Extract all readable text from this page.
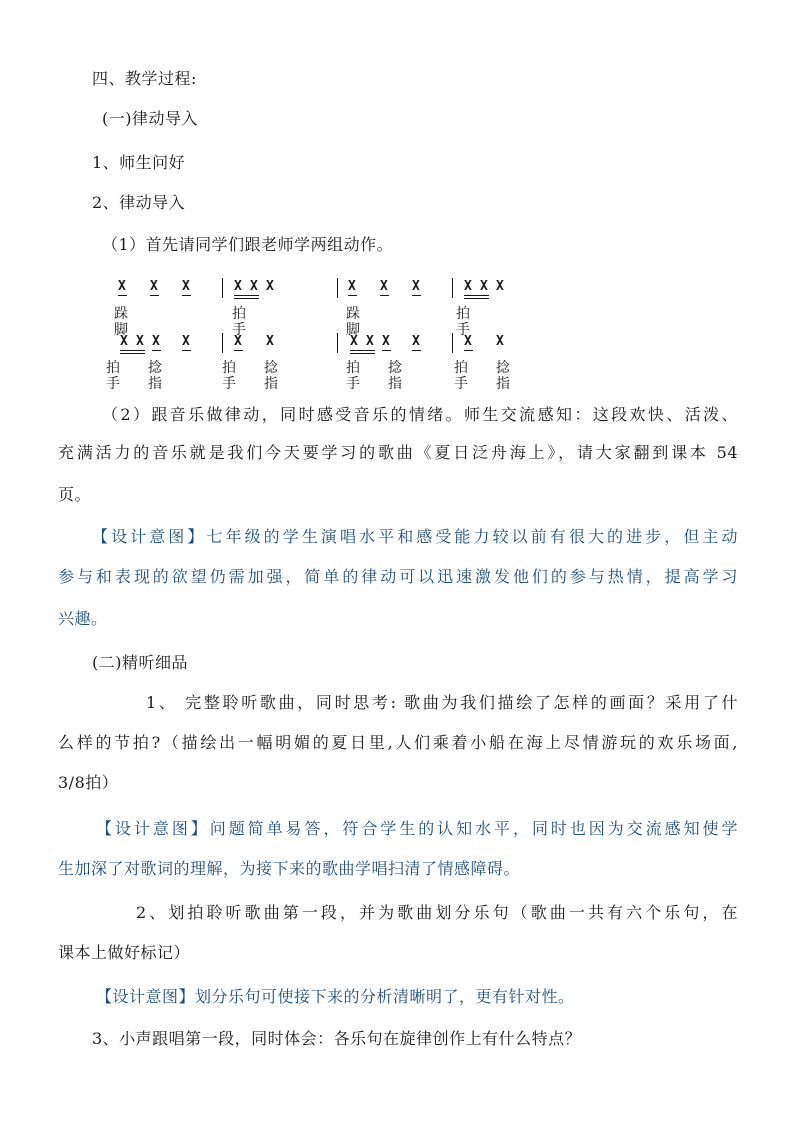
四、教学过程:
(一)律动导入
1、师生问好
2、律动导入
（1）首先请同学们跟老师学两组动作。
X X X	X X X	X X X	X X X
跺脚
拍手
跺脚
拍手
X X X X	X X	X X X X	X X
拍手
捻指
拍手
捻指
拍手
捻指
拍手
捻指
（2）跟音乐做律动，同时感受音乐的情绪。师生交流感知：这段欢快、活泼、
充满活力的音乐就是我们今天要学习的歌曲《夏日泛舟海上》，请大家翻到课本 54
页。
【设计意图】七年级的学生演唱水平和感受能力较以前有很大的进步，但主动
参与和表现的欲望仍需加强，简单的律动可以迅速激发他们的参与热情，提高学习
兴趣。
(二)精听细品
1、 完整聆听歌曲，同时思考: 歌曲为我们描绘了怎样的画面？采用了什
么样的节拍?（描绘出一幅明媚的夏日里,人们乘着小船在海上尽情游玩的欢乐场面,
3/8拍）
【设计意图】问题简单易答，符合学生的认知水平，同时也因为交流感知使学
生加深了对歌词的理解，为接下来的歌曲学唱扫清了情感障碍。
2、划拍聆听歌曲第一段，并为歌曲划分乐句（歌曲一共有六个乐句，在
课本上做好标记）
【设计意图】划分乐句可使接下来的分析清晰明了，更有针对性。
3、小声跟唱第一段，同时体会：各乐句在旋律创作上有什么特点？
